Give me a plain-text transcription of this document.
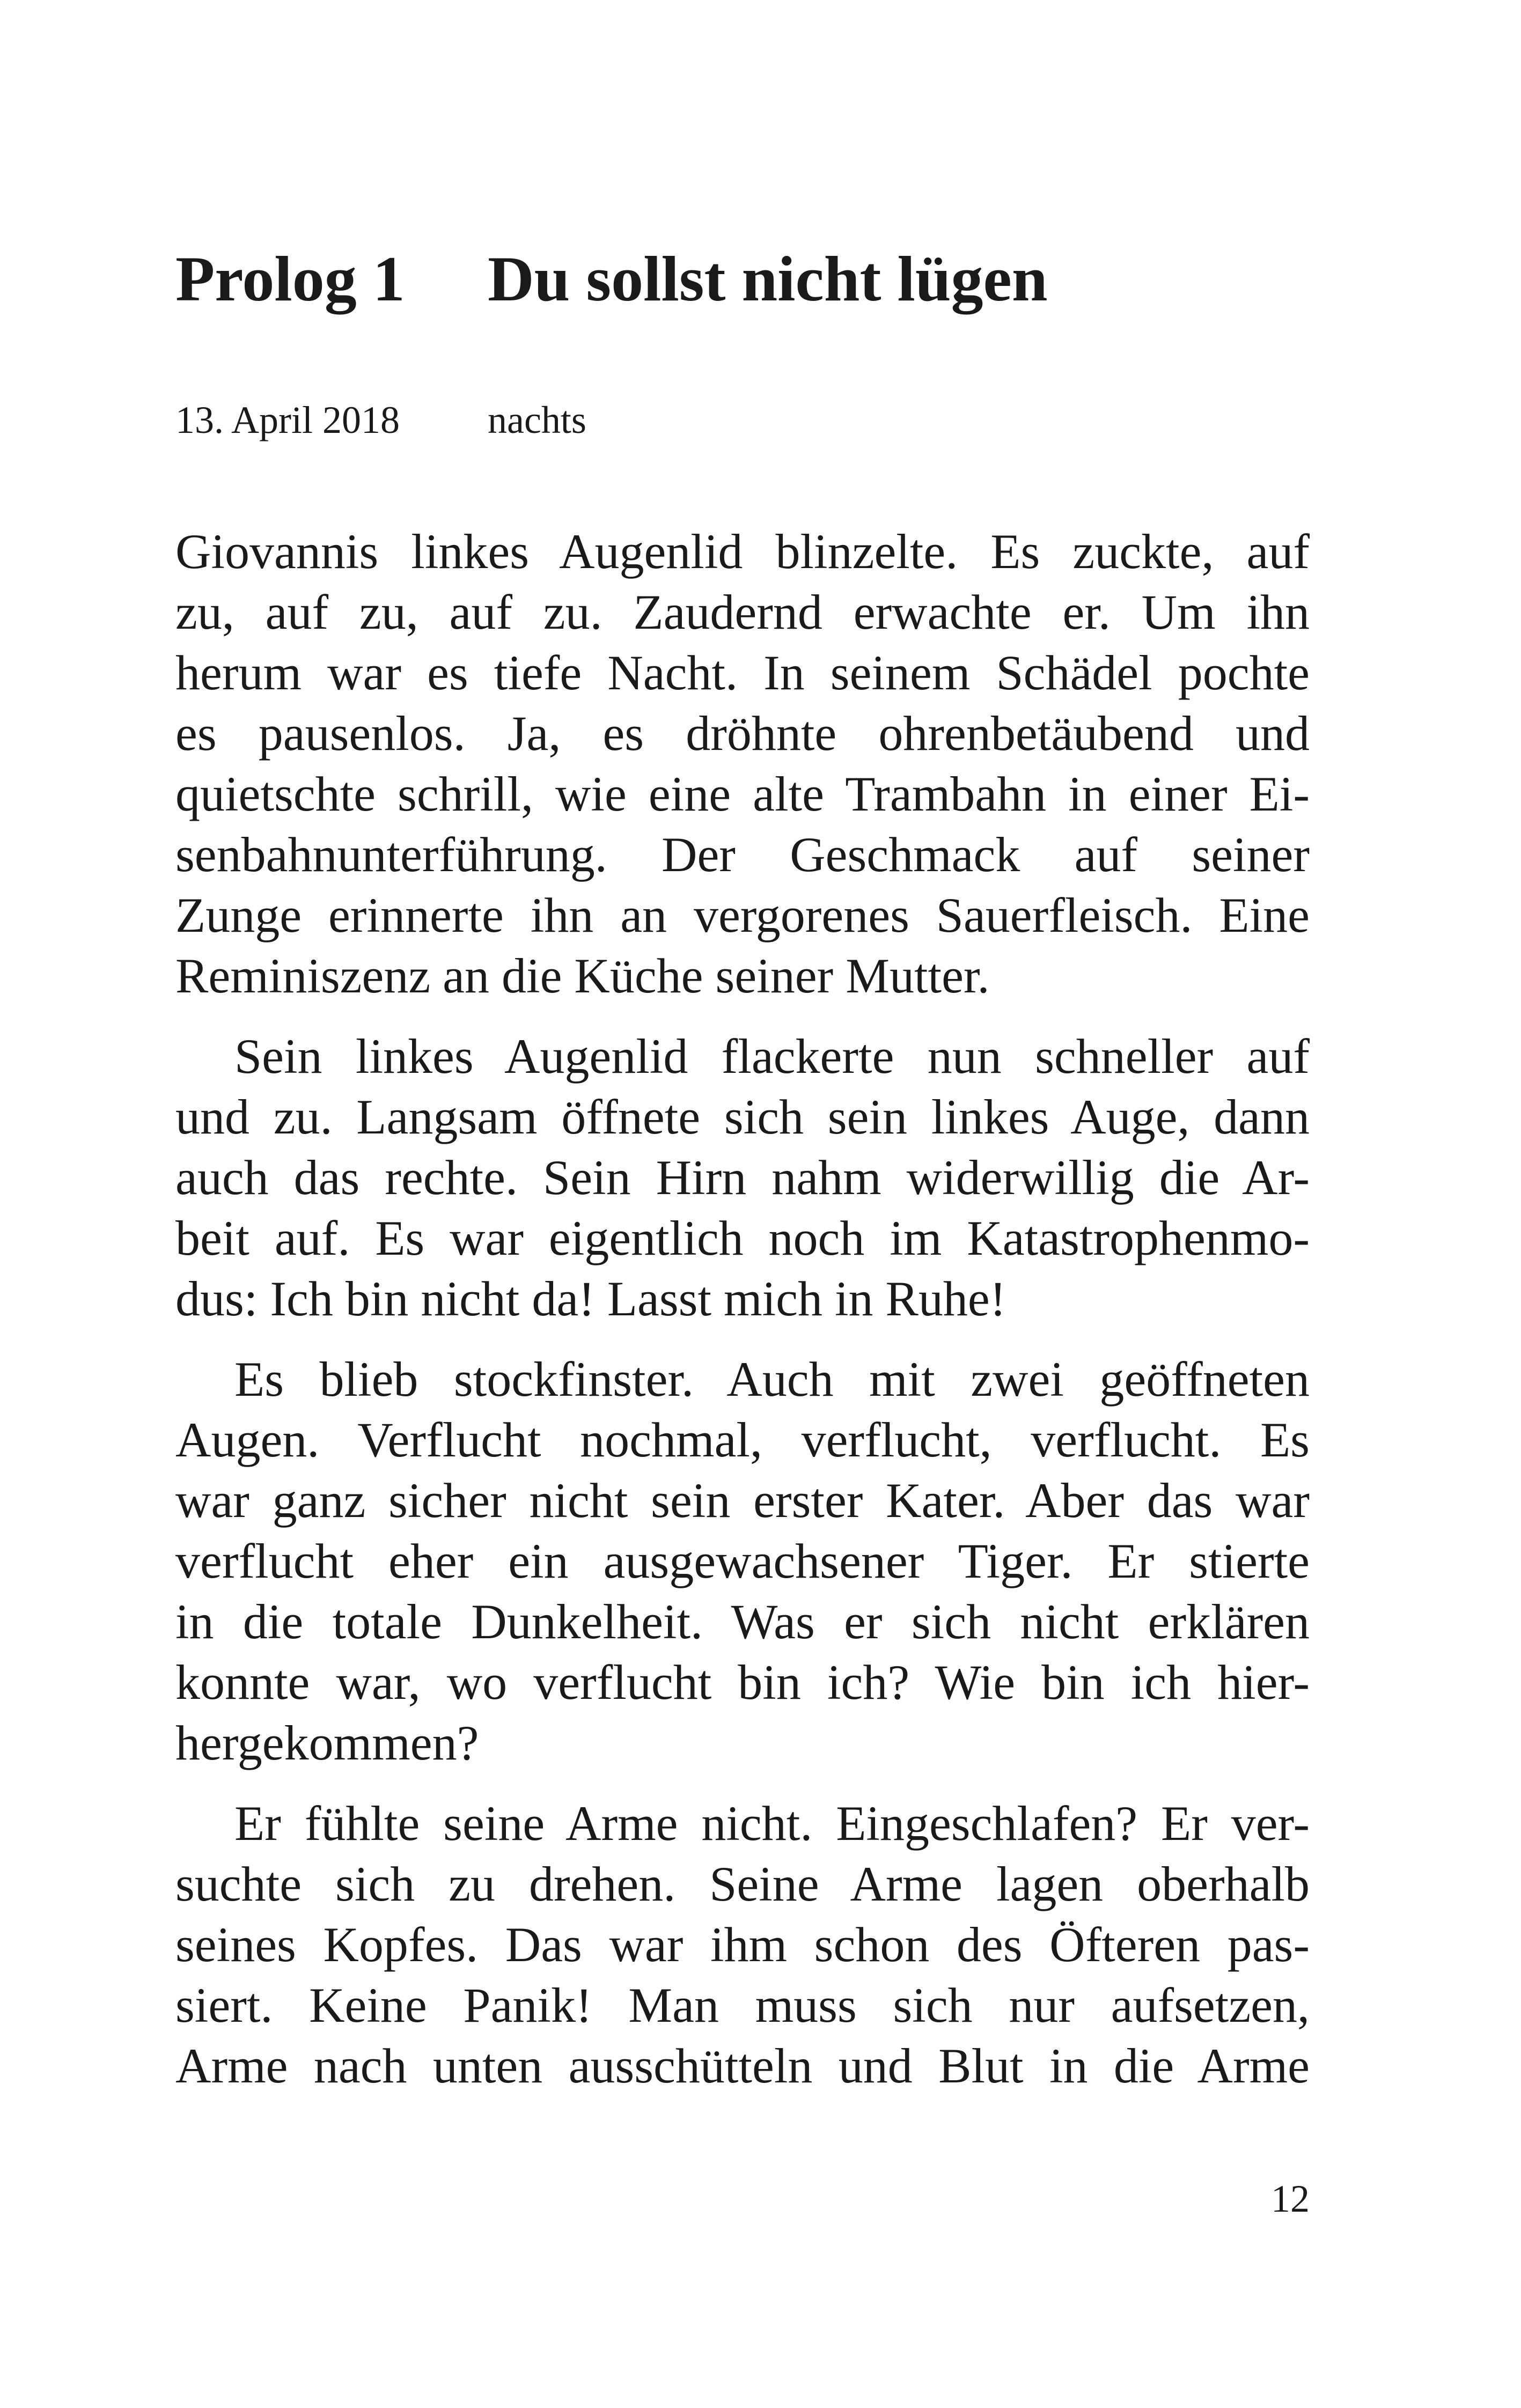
Prolog 1 Du sollst nicht lügen
13. April 2018 nachts
Giovannis linkes Augenlid blinzelte. Es zuckte, auf
zu, auf zu, auf zu. Zaudernd erwachte er. Um ihn
herum war es tiefe Nacht. In seinem Schädel pochte
es pausenlos. Ja, es dröhnte ohrenbetäubend und
quietschte schrill, wie eine alte Trambahn in einer Ei-
senbahnunterführung. Der Geschmack auf seiner
Zunge erinnerte ihn an vergorenes Sauerfleisch. Eine
Reminiszenz an die Küche seiner Mutter.
Sein linkes Augenlid flackerte nun schneller auf
und zu. Langsam öffnete sich sein linkes Auge, dann
auch das rechte. Sein Hirn nahm widerwillig die Ar-
beit auf. Es war eigentlich noch im Katastrophenmo-
dus: Ich bin nicht da! Lasst mich in Ruhe!
Es blieb stockfinster. Auch mit zwei geöffneten
Augen. Verflucht nochmal, verflucht, verflucht. Es
war ganz sicher nicht sein erster Kater. Aber das war
verflucht eher ein ausgewachsener Tiger. Er stierte
in die totale Dunkelheit. Was er sich nicht erklären
konnte war, wo verflucht bin ich? Wie bin ich hier-
hergekommen?
Er fühlte seine Arme nicht. Eingeschlafen? Er ver-
suchte sich zu drehen. Seine Arme lagen oberhalb
seines Kopfes. Das war ihm schon des Öfteren pas-
siert. Keine Panik! Man muss sich nur aufsetzen,
Arme nach unten ausschütteln und Blut in die Arme
12
